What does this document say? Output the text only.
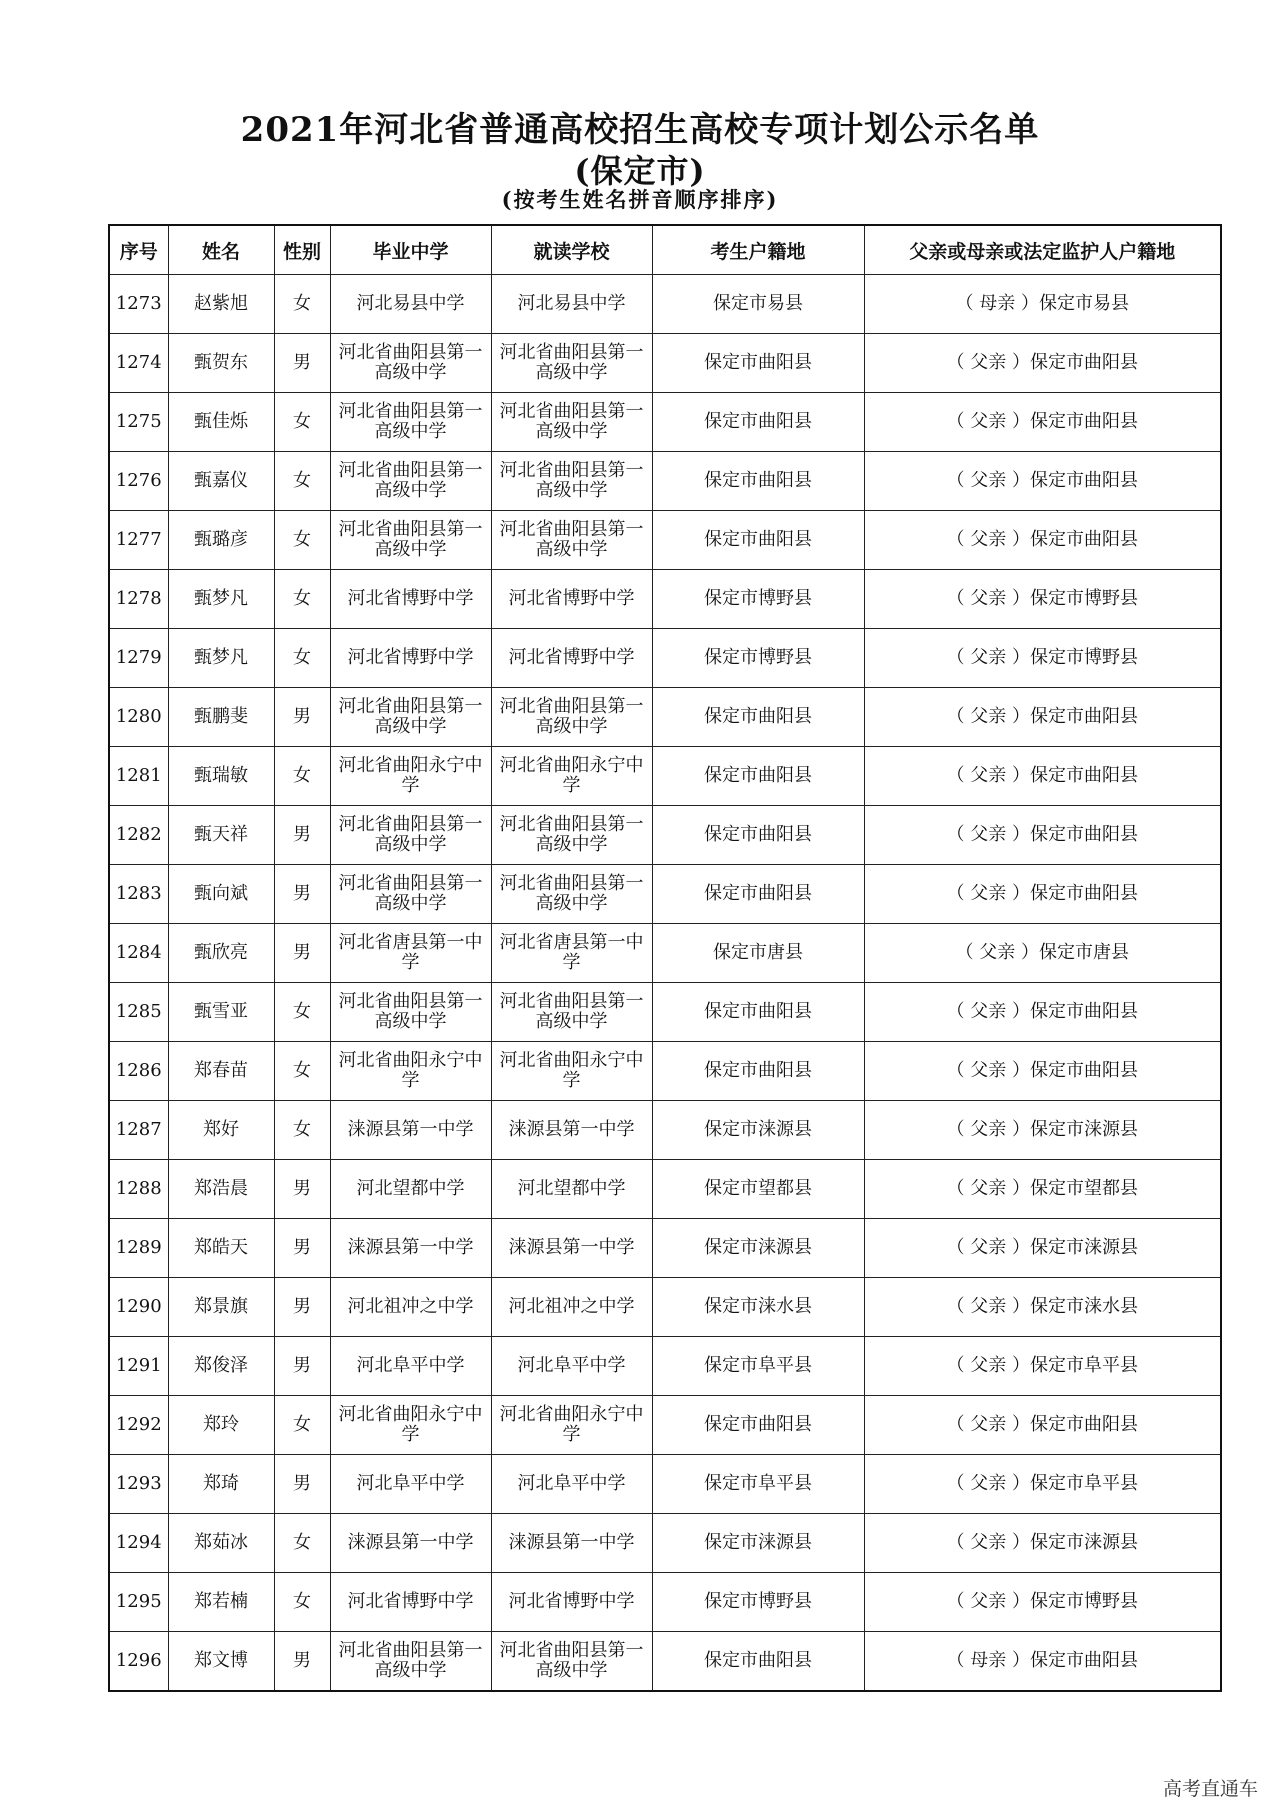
2021年河北省普通高校招生高校专项计划公示名单
(保定市)
(按考生姓名拼音顺序排序)
序号	姓名	性别	毕业中学	就读学校	考生户籍地	父亲或母亲或法定监护人户籍地
1273	赵紫旭	女	河北易县中学	河北易县中学	保定市易县	（ 母亲 ）保定市易县
1274	甄贺东	男	河北省曲阳县第一高级中学	河北省曲阳县第一高级中学	保定市曲阳县	（ 父亲 ）保定市曲阳县
1275	甄佳烁	女	河北省曲阳县第一高级中学	河北省曲阳县第一高级中学	保定市曲阳县	（ 父亲 ）保定市曲阳县
1276	甄嘉仪	女	河北省曲阳县第一高级中学	河北省曲阳县第一高级中学	保定市曲阳县	（ 父亲 ）保定市曲阳县
1277	甄璐彦	女	河北省曲阳县第一高级中学	河北省曲阳县第一高级中学	保定市曲阳县	（ 父亲 ）保定市曲阳县
1278	甄梦凡	女	河北省博野中学	河北省博野中学	保定市博野县	（ 父亲 ）保定市博野县
1279	甄梦凡	女	河北省博野中学	河北省博野中学	保定市博野县	（ 父亲 ）保定市博野县
1280	甄鹏斐	男	河北省曲阳县第一高级中学	河北省曲阳县第一高级中学	保定市曲阳县	（ 父亲 ）保定市曲阳县
1281	甄瑞敏	女	河北省曲阳永宁中学	河北省曲阳永宁中学	保定市曲阳县	（ 父亲 ）保定市曲阳县
1282	甄天祥	男	河北省曲阳县第一高级中学	河北省曲阳县第一高级中学	保定市曲阳县	（ 父亲 ）保定市曲阳县
1283	甄向斌	男	河北省曲阳县第一高级中学	河北省曲阳县第一高级中学	保定市曲阳县	（ 父亲 ）保定市曲阳县
1284	甄欣亮	男	河北省唐县第一中学	河北省唐县第一中学	保定市唐县	（ 父亲 ）保定市唐县
1285	甄雪亚	女	河北省曲阳县第一高级中学	河北省曲阳县第一高级中学	保定市曲阳县	（ 父亲 ）保定市曲阳县
1286	郑春苗	女	河北省曲阳永宁中学	河北省曲阳永宁中学	保定市曲阳县	（ 父亲 ）保定市曲阳县
1287	郑好	女	涞源县第一中学	涞源县第一中学	保定市涞源县	（ 父亲 ）保定市涞源县
1288	郑浩晨	男	河北望都中学	河北望都中学	保定市望都县	（ 父亲 ）保定市望都县
1289	郑皓天	男	涞源县第一中学	涞源县第一中学	保定市涞源县	（ 父亲 ）保定市涞源县
1290	郑景旗	男	河北祖冲之中学	河北祖冲之中学	保定市涞水县	（ 父亲 ）保定市涞水县
1291	郑俊泽	男	河北阜平中学	河北阜平中学	保定市阜平县	（ 父亲 ）保定市阜平县
1292	郑玲	女	河北省曲阳永宁中学	河北省曲阳永宁中学	保定市曲阳县	（ 父亲 ）保定市曲阳县
1293	郑琦	男	河北阜平中学	河北阜平中学	保定市阜平县	（ 父亲 ）保定市阜平县
1294	郑茹冰	女	涞源县第一中学	涞源县第一中学	保定市涞源县	（ 父亲 ）保定市涞源县
1295	郑若楠	女	河北省博野中学	河北省博野中学	保定市博野县	（ 父亲 ）保定市博野县
1296	郑文博	男	河北省曲阳县第一高级中学	河北省曲阳县第一高级中学	保定市曲阳县	（ 母亲 ）保定市曲阳县
高考直通车
